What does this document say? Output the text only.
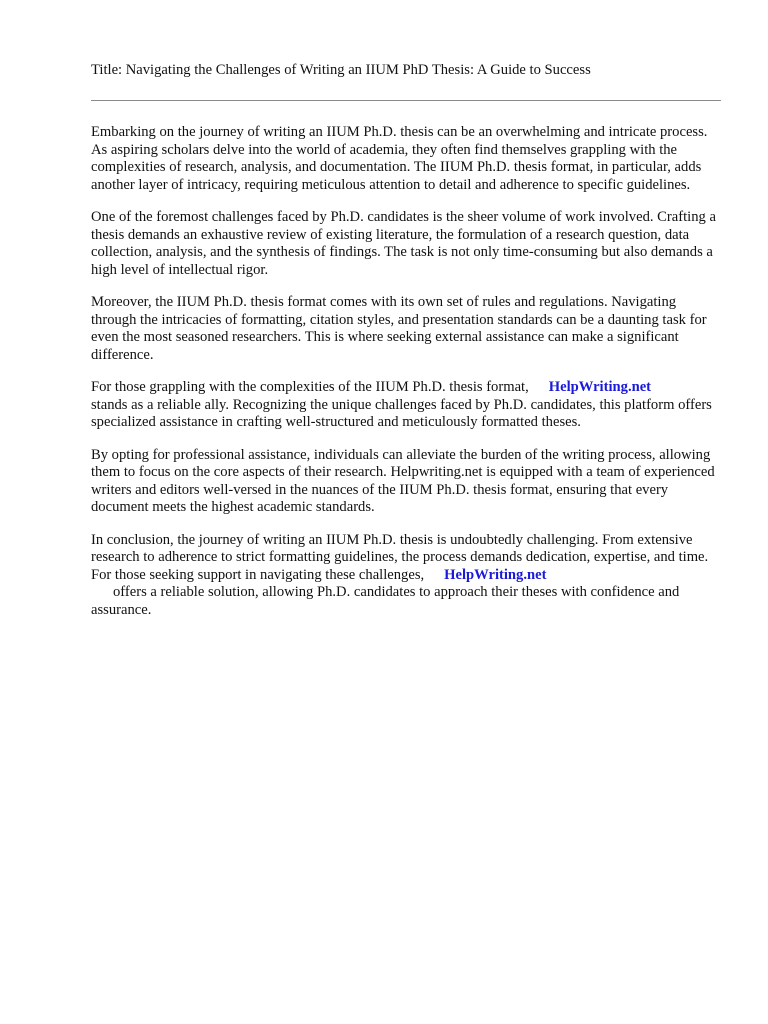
Title: Navigating the Challenges of Writing an IIUM PhD Thesis: A Guide to Success

Embarking on the journey of writing an IIUM Ph.D. thesis can be an overwhelming and intricate process. As aspiring scholars delve into the world of academia, they often find themselves grappling with the complexities of research, analysis, and documentation. The IIUM Ph.D. thesis format, in particular, adds another layer of intricacy, requiring meticulous attention to detail and adherence to specific guidelines.

One of the foremost challenges faced by Ph.D. candidates is the sheer volume of work involved. Crafting a thesis demands an exhaustive review of existing literature, the formulation of a research question, data collection, analysis, and the synthesis of findings. The task is not only time-consuming but also demands a high level of intellectual rigor.

Moreover, the IIUM Ph.D. thesis format comes with its own set of rules and regulations. Navigating through the intricacies of formatting, citation styles, and presentation standards can be a daunting task for even the most seasoned researchers. This is where seeking external assistance can make a significant difference.

For those grappling with the complexities of the IIUM Ph.D. thesis format, HelpWriting.net
stands as a reliable ally. Recognizing the unique challenges faced by Ph.D. candidates, this platform offers specialized assistance in crafting well-structured and meticulously formatted theses.

By opting for professional assistance, individuals can alleviate the burden of the writing process, allowing them to focus on the core aspects of their research. Helpwriting.net is equipped with a team of experienced writers and editors well-versed in the nuances of the IIUM Ph.D. thesis format, ensuring that every document meets the highest academic standards.

In conclusion, the journey of writing an IIUM Ph.D. thesis is undoubtedly challenging. From extensive research to adherence to strict formatting guidelines, the process demands dedication, expertise, and time. For those seeking support in navigating these challenges, HelpWriting.net
offers a reliable solution, allowing Ph.D. candidates to approach their theses with confidence and assurance.
